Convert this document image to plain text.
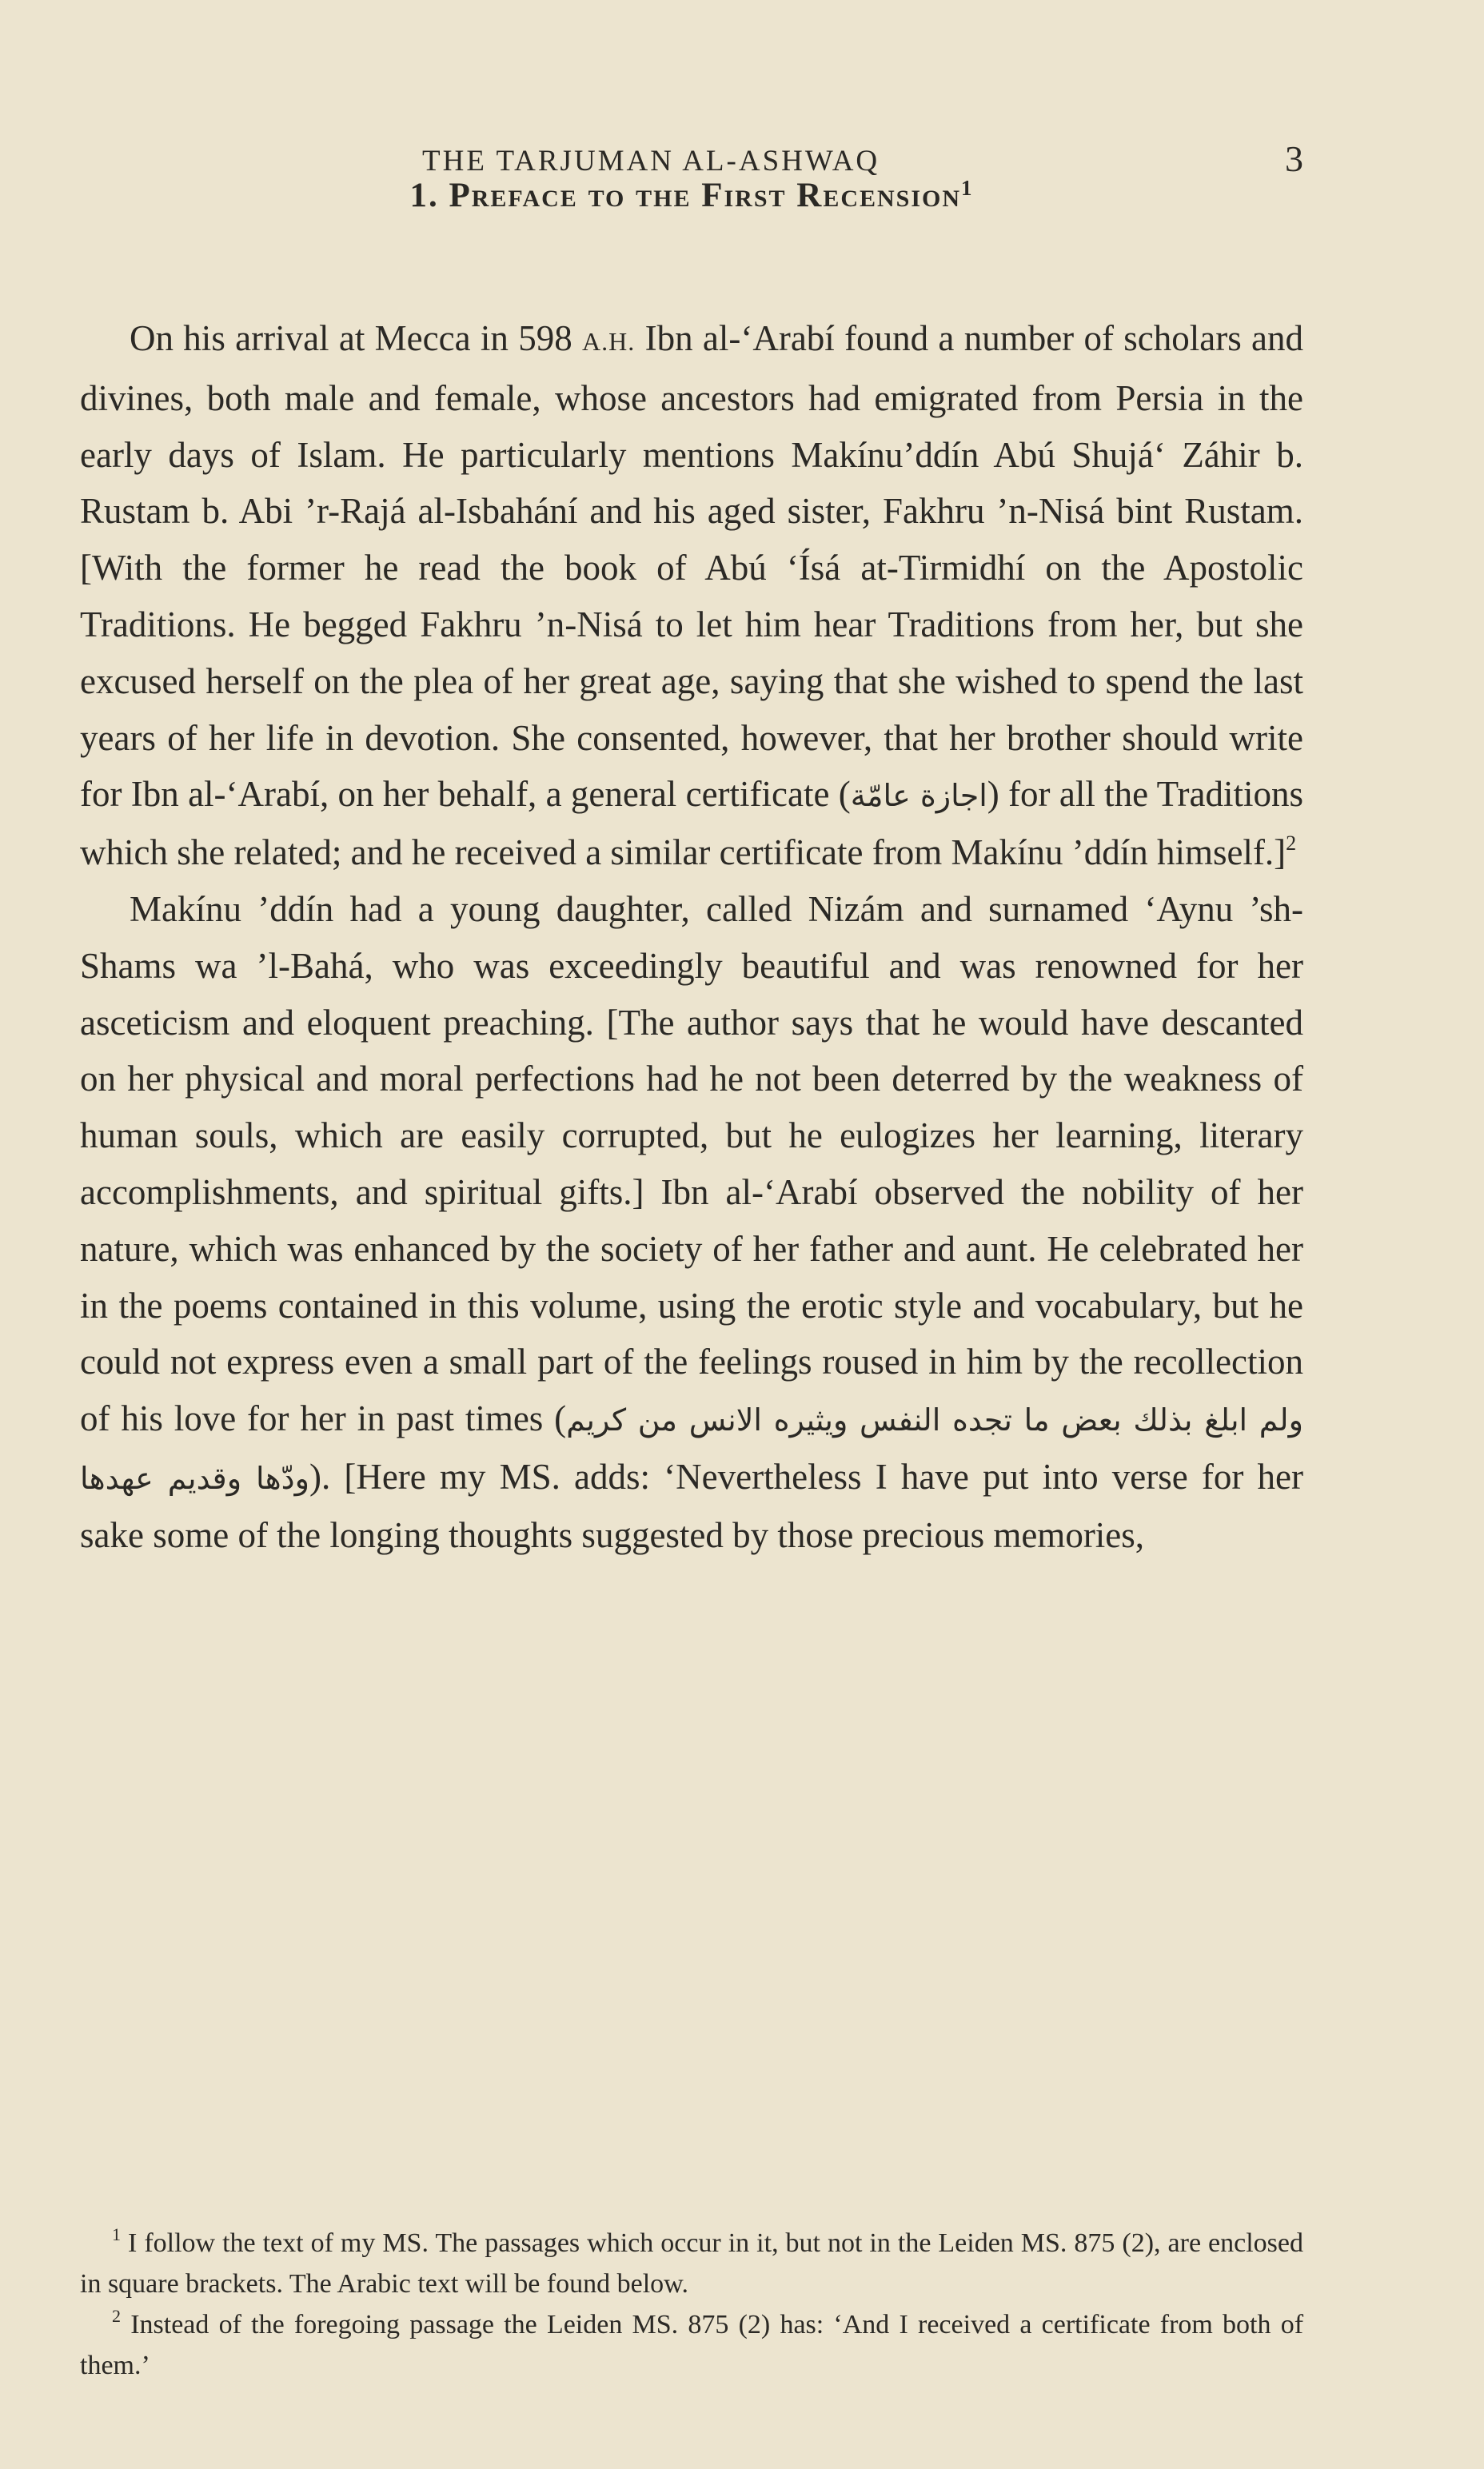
THE TARJUMAN AL-ASHWAQ	3
1. Preface to the First Recension$^1$

On his arrival at Mecca in 598 A.H. Ibn al-‘Arabí found a number of scholars and divines, both male and female, whose ancestors had emigrated from Persia in the early days of Islam. He particularly mentions Makínu’ddín Abú Shujá‘ Záhir b. Rustam b. Abi ’r-Rajá al-Isbahání and his aged sister, Fakhru ’n-Nisá bint Rustam. [With the former he read the book of Abú ‘Ísá at-Tirmidhí on the Apostolic Traditions. He begged Fakhru ’n-Nisá to let him hear Traditions from her, but she excused herself on the plea of her great age, saying that she wished to spend the last years of her life in devotion. She consented, however, that her brother should write for Ibn al-‘Arabí, on her behalf, a general certificate (اجازة عامّة) for all the Traditions which she related; and he received a similar certificate from Makínu ’ddín himself.]$^2$

Makínu ’ddín had a young daughter, called Nizám and surnamed ‘Aynu ’sh-Shams wa ’l-Bahá, who was exceedingly beautiful and was renowned for her asceticism and eloquent preaching. [The author says that he would have descanted on her physical and moral perfections had he not been deterred by the weakness of human souls, which are easily corrupted, but he eulogizes her learning, literary accomplishments, and spiritual gifts.] Ibn al-‘Arabí observed the nobility of her nature, which was enhanced by the society of her father and aunt. He celebrated her in the poems contained in this volume, using the erotic style and vocabulary, but he could not express even a small part of the feelings roused in him by the recollection of his love for her in past times (ولم ابلغ بذلك بعض ما تجده النفس ويثيره الانس من كريم ودّها وقديم عهدها). [Here my MS. adds: ‘Nevertheless I have put into verse for her sake some of the longing thoughts suggested by those precious memories,

$^1$ I follow the text of my MS. The passages which occur in it, but not in the Leiden MS. 875 (2), are enclosed in square brackets. The Arabic text will be found below.

$^2$ Instead of the foregoing passage the Leiden MS. 875 (2) has: ‘And I received a certificate from both of them.’
